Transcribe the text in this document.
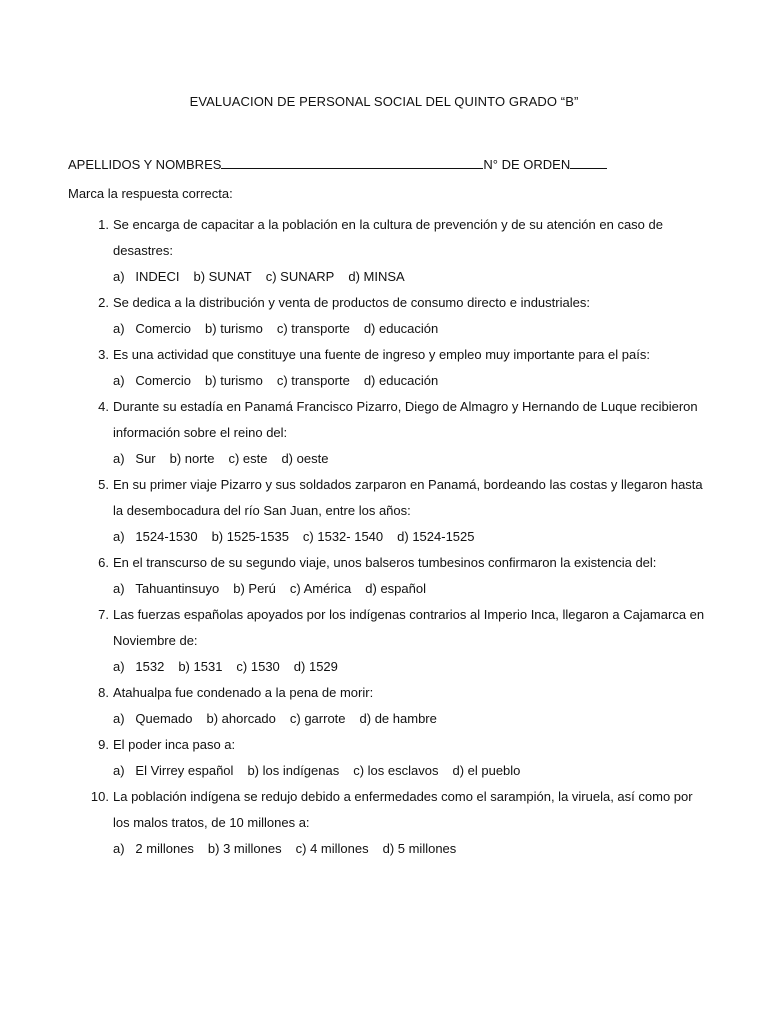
EVALUACION DE PERSONAL SOCIAL DEL QUINTO GRADO “B”
APELLIDOS Y NOMBRES	N° DE ORDEN
Marca la respuesta correcta:
1. Se encarga de capacitar a la población en la cultura de prevención y de su atención en caso de desastres:
a)   INDECI b) SUNAT c) SUNARP d) MINSA
2. Se dedica a la distribución y venta de productos de consumo directo e industriales:
a)   Comercio b) turismo c) transporte d) educación
3. Es una actividad que constituye una fuente de ingreso y empleo muy importante para el país:
a)   Comercio b) turismo c) transporte d) educación
4. Durante su estadía en Panamá Francisco Pizarro, Diego de Almagro y Hernando de Luque recibieron información sobre el reino del:
a)   Sur b) norte c) este d) oeste
5. En su primer viaje Pizarro y sus soldados zarparon en Panamá, bordeando las costas y llegaron hasta la desembocadura del río San Juan, entre los años:
a)   1524-1530 b) 1525-1535 c) 1532- 1540 d) 1524-1525
6. En el transcurso de su segundo viaje, unos balseros tumbesinos confirmaron la existencia del:
a)   Tahuantinsuyo b) Perú c) América d) español
7. Las fuerzas españolas apoyados por los indígenas contrarios al Imperio Inca, llegaron a Cajamarca en Noviembre de:
a)   1532 b) 1531 c) 1530 d) 1529
8. Atahualpa fue condenado a la pena de morir:
a)   Quemado b) ahorcado c) garrote d) de hambre
9. El poder inca paso a:
a)   El Virrey español b) los indígenas c) los esclavos d) el pueblo
10. La población indígena se redujo debido a enfermedades como el sarampión, la viruela, así como por los malos tratos, de 10 millones a:
a)   2 millones b) 3 millones c) 4 millones d) 5 millones
